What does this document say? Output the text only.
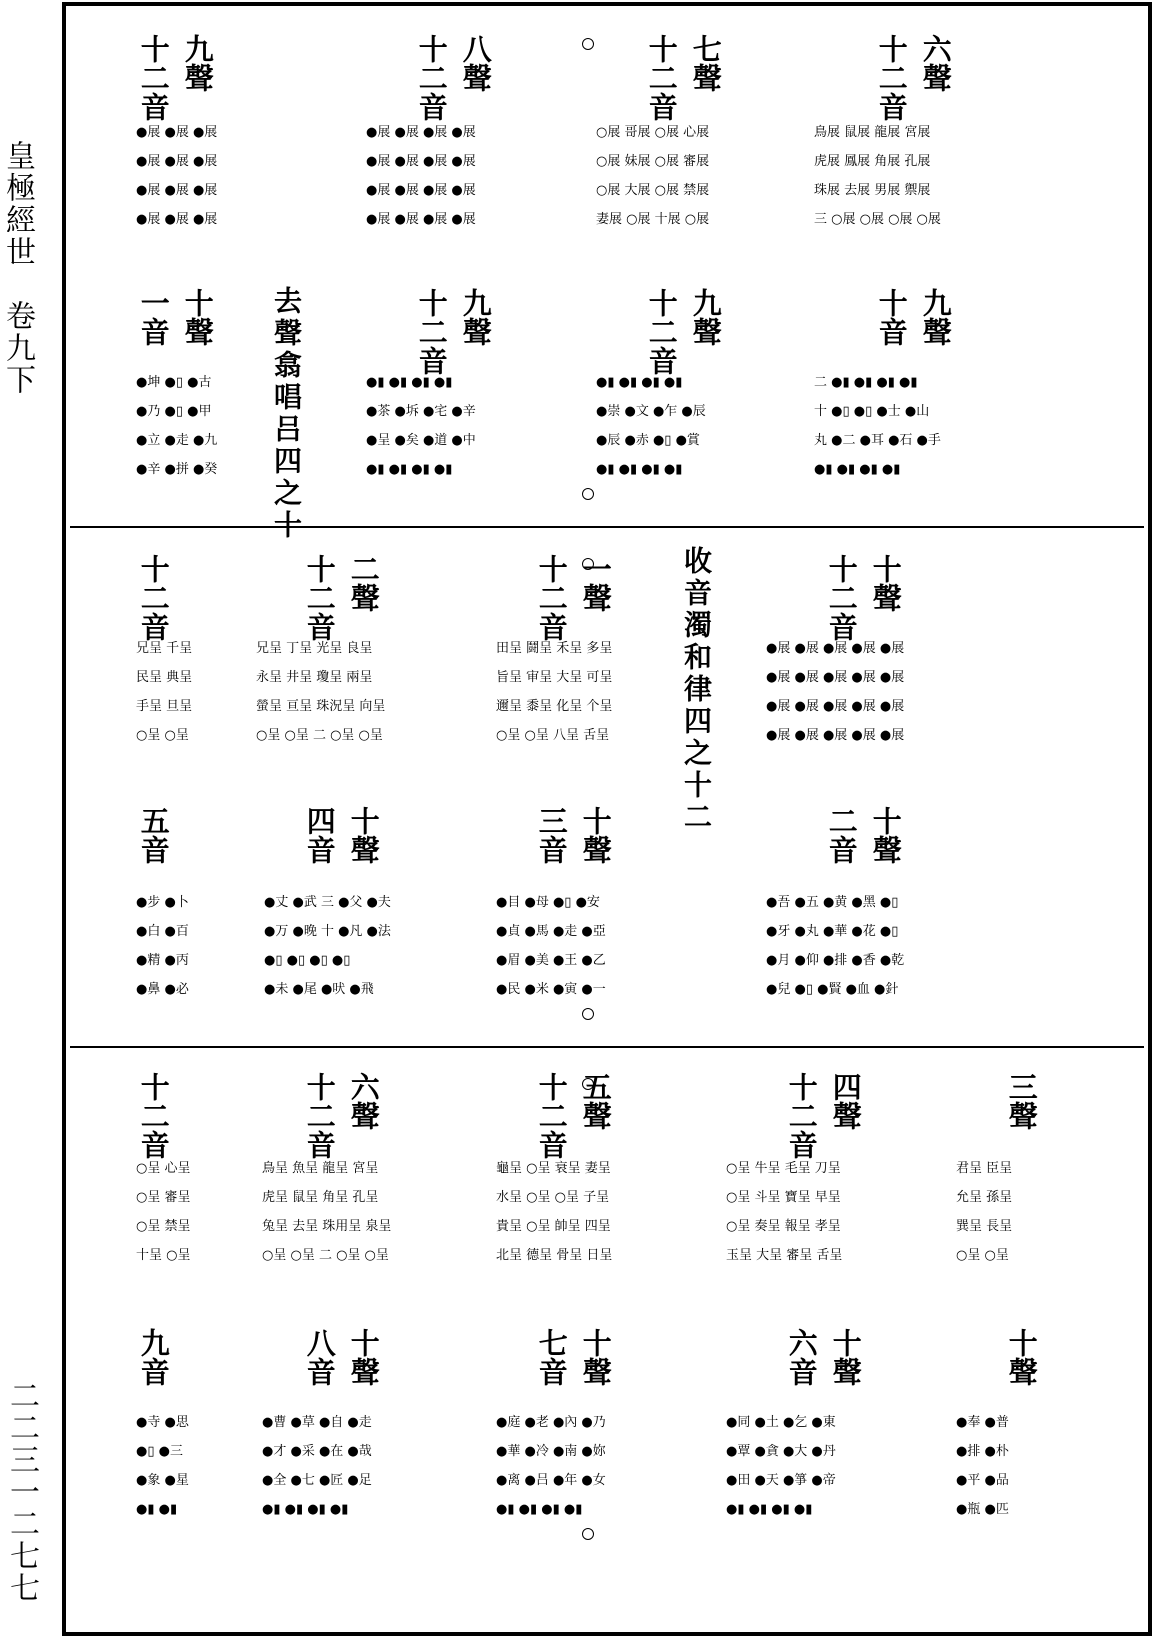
皇極經世　卷九下
二二三一二七七
去聲翕唱吕四之十
收音濁和律四之十二
九聲
十二音	八聲
十二音	七聲
十二音	六聲
十二音
十聲
一音	九聲
十二音	九聲
十二音	九聲
十音
十二音	二聲
十二音	一聲
十二音	十聲
十二音
五音	十聲
四音	十聲
三音	十聲
二音
十二音	六聲
十二音	五聲
十二音	四聲
十二音	三聲
九音	十聲
八音	十聲
七音	十聲
六音	十聲
●展 ●展 ●展
●展 ●展 ●展
●展 ●展 ●展
●展 ●展 ●展
●展 ●展 ●展 ●展
●展 ●展 ●展 ●展
●展 ●展 ●展 ●展
●展 ●展 ●展 ●展
○展 哥展 ○展 心展
○展 妹展 ○展 審展
○展 大展 ○展 禁展
妻展 ○展 十展 ○展
鳥展 鼠展 龍展 宮展
虎展 鳳展 角展 孔展
珠展 去展 男展 禦展
三 ○展 ○展 ○展 ○展
●坤 ●▯ ●古
●乃 ●▯ ●甲
●立 ●走 ●九
●辛 ●拼 ●癸
●▮ ●▮ ●▮ ●▮
●茶 ●坼 ●宅 ●辛
●呈 ●矣 ●道 ●中
●▮ ●▮ ●▮ ●▮
●▮ ●▮ ●▮ ●▮
●崇 ●文 ●乍 ●辰
●辰 ●赤 ●▯ ●賞
●▮ ●▮ ●▮ ●▮
二 ●▮ ●▮ ●▮ ●▮
十 ●▯ ●▯ ●士 ●山
丸 ●二 ●耳 ●石 ●手
●▮ ●▮ ●▮ ●▮
兄呈 千呈
民呈 典呈
手呈 旦呈
○呈 ○呈
兄呈 丁呈 光呈 良呈
永呈 井呈 瓊呈 兩呈
螢呈 亘呈 珠況呈 向呈
○呈 ○呈 二 ○呈 ○呈
田呈 鬪呈 禾呈 多呈
旨呈 审呈 大呈 可呈
邇呈 黍呈 化呈 个呈
○呈 ○呈 八呈 舌呈
●展 ●展 ●展 ●展 ●展
●展 ●展 ●展 ●展 ●展
●展 ●展 ●展 ●展 ●展
●展 ●展 ●展 ●展 ●展
●步 ●卜
●白 ●百
●精 ●丙
●鼻 ●必
●丈 ●武 三 ●父 ●夫
●万 ●晚 十 ●凡 ●法
●▯ ●▯ ●▯ ●▯
●未 ●尾 ●吠 ●飛
●目 ●母 ●▯ ●安
●貞 ●馬 ●走 ●亞
●眉 ●美 ●王 ●乙
●民 ●米 ●寅 ●一
●吾 ●五 ●黄 ●黑 ●▯
●牙 ●丸 ●華 ●花 ●▯
●月 ●仰 ●排 ●香 ●乾
●兒 ●▯ ●賢 ●血 ●針
○呈 心呈
○呈 審呈
○呈 禁呈
十呈 ○呈
鳥呈 魚呈 龍呈 宮呈
虎呈 鼠呈 角呈 孔呈
兔呈 去呈 珠用呈 泉呈
○呈 ○呈 二 ○呈 ○呈
龜呈 ○呈 衰呈 妻呈
水呈 ○呈 ○呈 子呈
貴呈 ○呈 帥呈 四呈
北呈 德呈 骨呈 日呈
○呈 牛呈 毛呈 刀呈
○呈 斗呈 寶呈 早呈
○呈 奏呈 報呈 孝呈
玉呈 大呈 審呈 舌呈
君呈 臣呈
允呈 孫呈
巽呈 長呈
○呈 ○呈
●寺 ●思
●▯ ●三
●象 ●星
●▮ ●▮
●曹 ●草 ●自 ●走
●才 ●采 ●在 ●哉
●全 ●七 ●匠 ●足
●▮ ●▮ ●▮ ●▮
●庭 ●老 ●內 ●乃
●華 ●冷 ●南 ●妳
●离 ●吕 ●年 ●女
●▮ ●▮ ●▮ ●▮
●同 ●土 ●乞 ●東
●覃 ●貪 ●大 ●丹
●田 ●天 ●箏 ●帝
●▮ ●▮ ●▮ ●▮
●奉 ●普
●排 ●朴
●平 ●品
●瓶 ●匹
